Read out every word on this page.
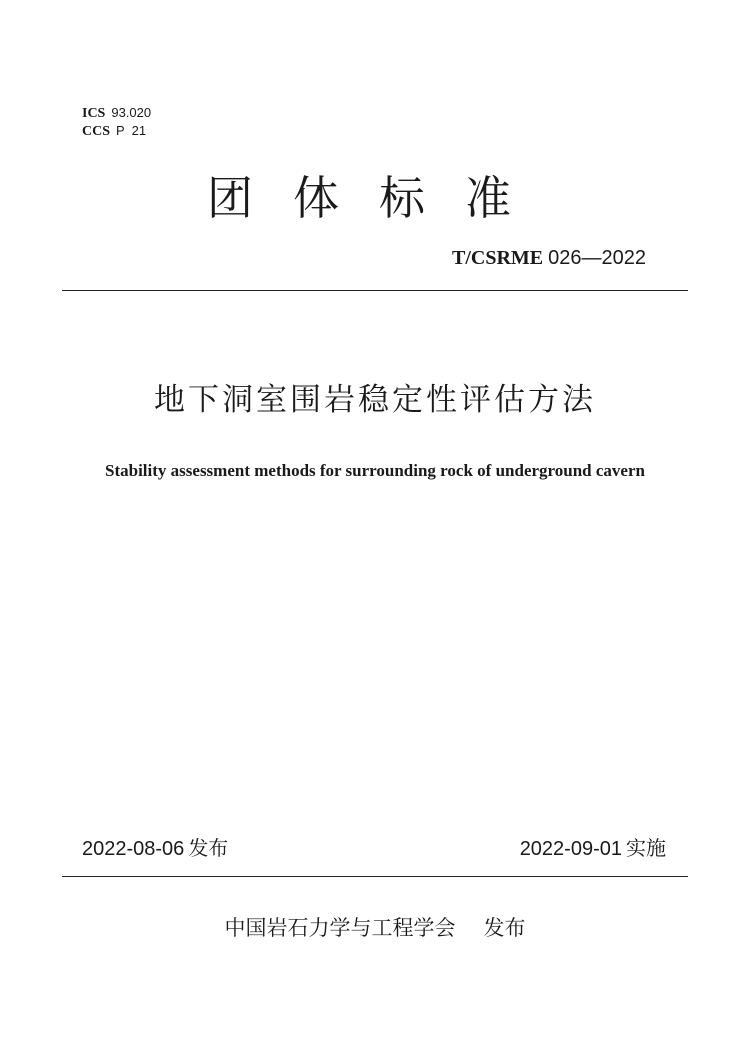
ICS 93.020
CCS P  21
团体标准
T/CSRME 026—2022
地下洞室围岩稳定性评估方法
Stability assessment methods for surrounding rock of underground cavern
2022-08-06 发布	2022-09-01 实施
中国岩石力学与工程学会 发布
